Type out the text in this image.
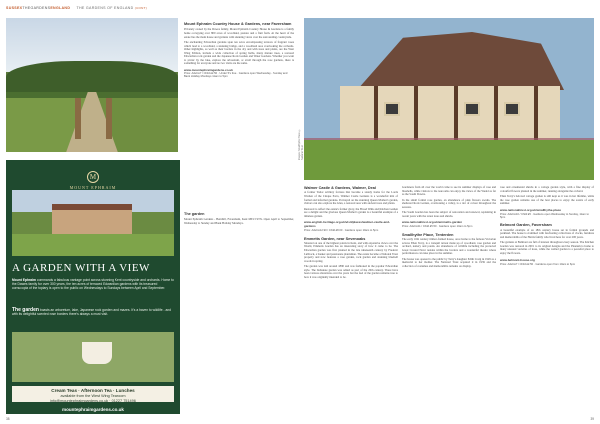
SUSSEXTHEGARDENSENGLAND THE GARDENS OF ENGLAND (CONT)
Mount Ephraim Country House & Gardens, near Faversham

Privately owned by the Dawes family, Mount Ephraim Country House & Gardens is a family home occupying over 800 acres of woodland, pasture and a fruit farm. At the heart of the estate lies the main house and gardens with stunning views over the surrounding countryside.

The enchanting Edwardian gardens span ten acres encompassing terraces of fragrant roses which lead to a woodland, a stunning bridge, and a woodland area overlooking the orchards. Other highlights, as well as their borders in the dry and with trees and plants, are the West Wing Edition, include a wide collection of spring bulbs, many mature trees, a restored Edwardian rock garden and the Japanese Rock Garden and Water Gardens. Whether you want to picnic by the lake, explore the arboretum, or stroll through the rose gardens, there is something for everyone and no two visits are the same.

www.mountephraimgardens.co.uk
Price: Adult £7 / Child £2.50 · Under 5's free · Gardens open Wednesday - Sunday and Bank Holiday Mondays 11am to 5pm
M
MOUNT EPHRAIM
A GARDEN WITH A VIEW
Mount Ephraim commands a fabulous vantage point across stunning Kent countryside and orchards. Home to the Dawes family for over 300 years, the ten acres of terraced Edwardian gardens with its treasured cornucopia of the topiary is open to the public on Wednesdays to Sundays between April and September.
The garden boasts an arboretum, lake, Japanese rock garden and mazes. It's a haven to wildlife - and with its delightful scented rose borders there's always a must visit.
Cream Teas · Afternoon Tea · Lunches
available from the West Wing Tearoom
info@mountephraimgardens.co.uk · 01227 751496
mountephraimgardens.co.uk
The garden

Mount Ephraim Gardens - Hernhill, Faversham, Kent ME13 9TX. Open April to September, Wednesday to Sunday and Bank Holiday Mondays.

38
Images: Smallhythe Place © National Trust
Walmer Castle & Gardens, Walmer, Deal

A former Tudor artillery fortress that became a stately home for the Lords Warden of the Cinque Ports, Walmer Castle Gardens is a wonderful mix of formal and informal gardens. Portrayed on the stunning Queen Mother's garden, visitors can also explore the Glen, a restored area with ancient trees and plants.

Restored to reflect the estate's former glory, the Broad Walk and Kitchen Garden are a delight and the glorious Queen Mother's garden is a beautiful example of a timeless garden.

www.english-heritage.org.uk/visit/places/walmer-castle-and-gardens
Price: Adult £12.90 / Child £8.00 · Gardens open 10am to 5pm
Emmetts Garden, near Sevenoaks

Situated on one of the highest points in Kent, and with expansive views over the Weald, Emmetts Garden has an interesting story of how it came to be. The Edwardian garden was first planted in the late nineteenth century by Frederic Lubbock, a banker and passionate plantsman. The estate became a National Trust property and now features a rose garden, rock garden and stunning bluebell woods in spring.

The garden was laid around 1890 and was fashioned in the popular Edwardian style. The Italianate garden was added as part of the 20th century. There have been various alterations over the years but the feel of the garden remains true to how it was originally intended to be.

Gardeners from all over the world come to see its summer displays of rose and bluebells, while visitors to the tearooms can enjoy the views of the Weald as far as the South Downs.

In the small formal rose garden, an abundance of pink flowers awaits. The sheltered Rock Garden, overlooking a valley, is a riot of colour throughout the seasons.

The South Garden has been the subject of restoration and renewal, replanting in recent years with the rarest trees and shrubs.

www.nationaltrust.org.uk/emmetts-garden
Price: Adult £11 / Child £5.50 · Gardens open 10am to 5pm
Smallhythe Place, Tenterden

The early 16th century timber-framed house, once home to the famous Victorian actress Ellen Terry, is a tranquil retreat made up of woodland, rose garden and orchard, nuttery and ponds. An abundance of wildlife including the protected Great Crested Newt resides within the borders and a wonderful theatre where performances can take place in the summer.

The house was opened to the public by Terry's daughter Edith Craig in 1929 as a memorial to her mother. The National Trust acquired it in 1939 and the collection of costumes and memorabilia remains on display.

rose and ornamental shrubs in a cottage garden style, with a fine display of colourful flowers planted in the summer, running alongside the orchard.

Ellen Terry's beloved cottage garden is still kept as it was in her lifetime, while the rose garden remains one of the best places to enjoy the scents of early summer.

www.nationaltrust.org.uk/smallhythe-place
Price: Adult £10 / Child £5 · Gardens open Wednesday to Sunday, 11am to 5pm
Belmont Garden, Faversham

A beautiful example of an 18th century house set in formal grounds and parkland. The house is crammed with fascinating collections of clocks, furniture and memorabilia of the Harris family who lived here for over 200 years.

The gardens at Belmont are full of interest throughout every season. The Kitchen Garden was restored in 2001 to its original designs and the Pinetum is home to many unusual varieties of trees, while the walled garden is a peaceful place to enjoy the flowers.

www.belmont-house.org
Price: Adult £7 / Child £2.50 · Gardens open from 10am to 6pm
39
